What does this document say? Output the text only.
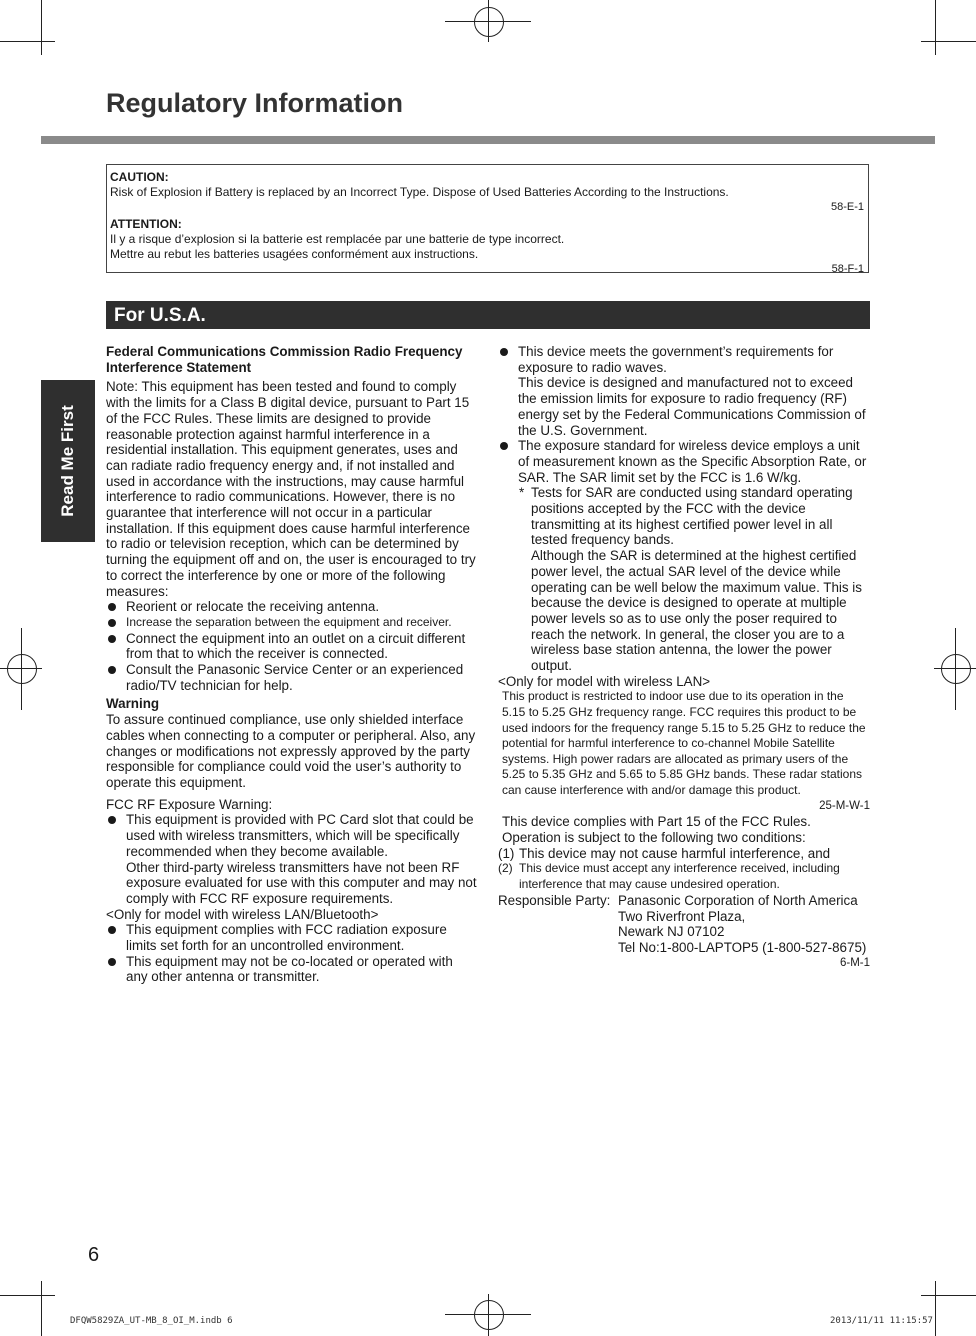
Regulatory Information
Read Me First
CAUTION:
Risk of Explosion if Battery is replaced by an Incorrect Type. Dispose of Used Batteries According to the Instructions.
58-E-1
ATTENTION:
Il y a risque d’explosion si la batterie est remplacée par une batterie de type incorrect.
Mettre au rebut les batteries usagées conformément aux instructions.
58-F-1
For U.S.A.

Federal Communications Commission Radio Frequency Interference Statement

Note: This equipment has been tested and found to comply with the limits for a Class B digital device, pursuant to Part 15 of the FCC Rules. These limits are designed to provide reasonable protection against harmful interference in a residential installation. This equipment generates, uses and can radiate radio frequency energy and, if not installed and used in accordance with the instructions, may cause harmful interference to radio communications. However, there is no guarantee that interference will not occur in a particular installation. If this equipment does cause harmful interference to radio or television reception, which can be determined by turning the equipment off and on, the user is encouraged to try to correct the interference by one or more of the following measures:

Reorient or relocate the receiving antenna.
Increase the separation between the equipment and receiver.
Connect the equipment into an outlet on a circuit different from that to which the receiver is connected.
Consult the Panasonic Service Center or an experienced radio/TV technician for help.

Warning

To assure continued compliance, use only shielded interface cables when connecting to a computer or peripheral. Also, any changes or modifications not expressly approved by the party responsible for compliance could void the user’s authority to operate this equipment.

FCC RF Exposure Warning:

This equipment is provided with PC Card slot that could be used with wireless transmitters, which will be specifically recommended when they become available.

Other third-party wireless transmitters have not been RF exposure evaluated for use with this computer and may not comply with FCC RF exposure requirements.

<Only for model with wireless LAN/Bluetooth>

This equipment complies with FCC radiation exposure limits set forth for an uncontrolled environment.
This equipment may not be co-located or operated with any other antenna or transmitter.
This device meets the government’s requirements for exposure to radio waves.

This device is designed and manufactured not to exceed the emission limits for exposure to radio frequency (RF) energy set by the Federal Communications Commission of the U.S. Government.

The exposure standard for wireless device employs a unit of measurement known as the Specific Absorption Rate, or SAR. The SAR limit set by the FCC is 1.6 W/kg.
* Tests for SAR are conducted using standard operating positions accepted by the FCC with the device transmitting at its highest certified power level in all tested frequency bands.

Although the SAR is determined at the highest certified power level, the actual SAR level of the device while operating can be well below the maximum value. This is because the device is designed to operate at multiple power levels so as to use only the poser required to reach the network. In general, the closer you are to a wireless base station antenna, the lower the power output.

<Only for model with wireless LAN>

This product is restricted to indoor use due to its operation in the 5.15 to 5.25 GHz frequency range. FCC requires this product to be used indoors for the frequency range 5.15 to 5.25 GHz to reduce the potential for harmful interference to co-channel Mobile Satellite systems. High power radars are allocated as primary users of the 5.25 to 5.35 GHz and 5.65 to 5.85 GHz bands. These radar stations can cause interference with and/or damage this product.

25-M-W-1

This device complies with Part 15 of the FCC Rules. Operation is subject to the following two conditions:

(1) This device may not cause harmful interference, and
(2) This device must accept any interference received, including interference that may cause undesired operation.
Responsible Party: Panasonic Corporation of North America
Two Riverfront Plaza,
Newark NJ 07102
Tel No:1-800-LAPTOP5 (1-800-527-8675)

6-M-1

6
DFQW5829ZA_UT-MB_8_OI_M.indb 6	2013/11/11 11:15:57
